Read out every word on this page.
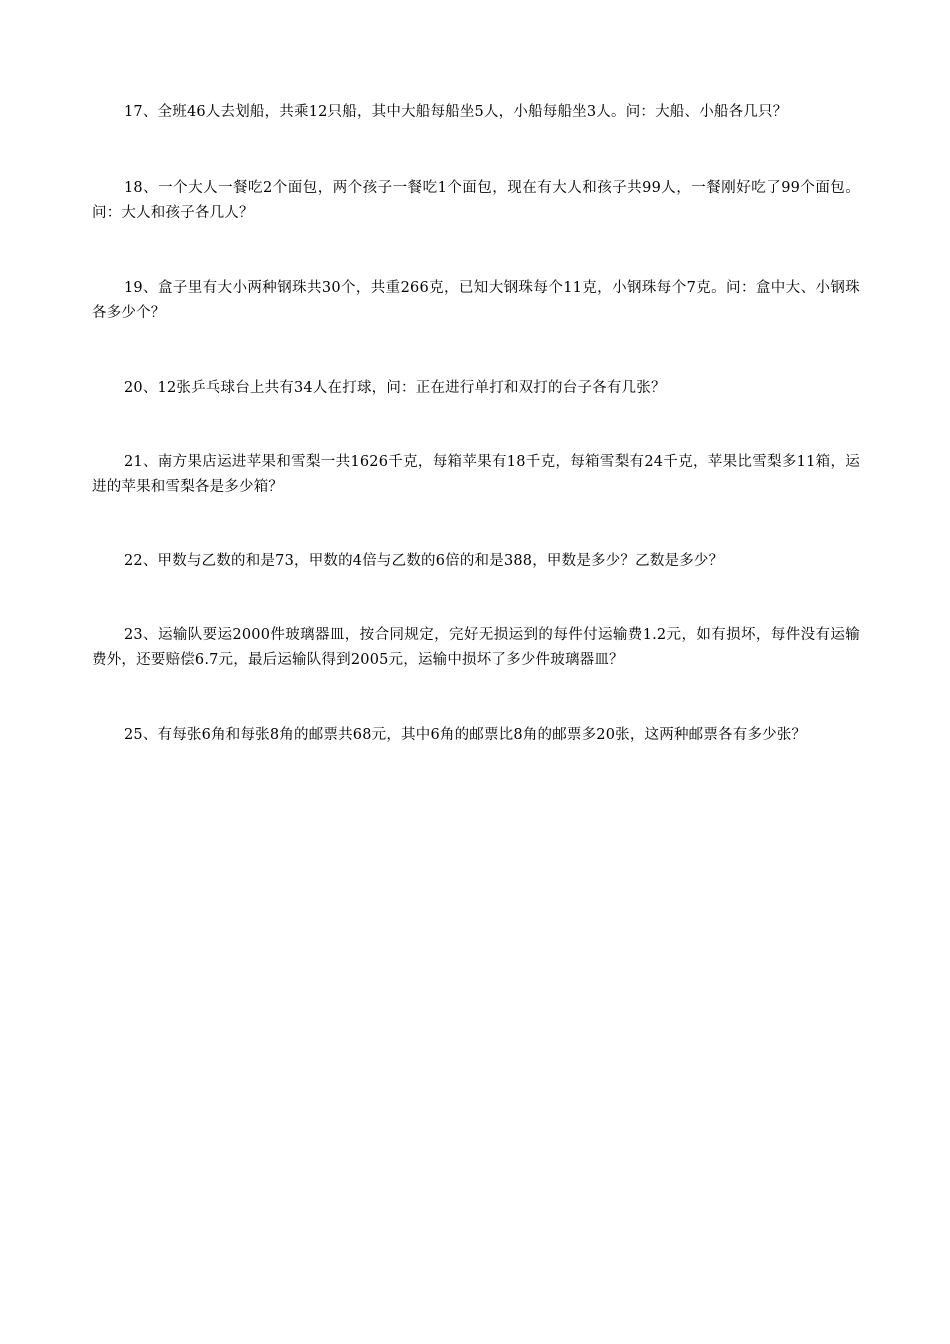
17、全班46人去划船，共乘12只船，其中大船每船坐5人，小船每船坐3人。问：大船、小船各几只？

18、一个大人一餐吃2个面包，两个孩子一餐吃1个面包，现在有大人和孩子共99人，一餐刚好吃了99个面包。问：大人和孩子各几人？

19、盒子里有大小两种钢珠共30个，共重266克，已知大钢珠每个11克，小钢珠每个7克。问：盒中大、小钢珠各多少个？

20、12张乒乓球台上共有34人在打球，问：正在进行单打和双打的台子各有几张？

21、南方果店运进苹果和雪梨一共1626千克，每箱苹果有18千克，每箱雪梨有24千克，苹果比雪梨多11箱，运进的苹果和雪梨各是多少箱？

22、甲数与乙数的和是73，甲数的4倍与乙数的6倍的和是388，甲数是多少？乙数是多少？

23、运输队要运2000件玻璃器皿，按合同规定，完好无损运到的每件付运输费1.2元，如有损坏，每件没有运输费外，还要赔偿6.7元，最后运输队得到2005元，运输中损坏了多少件玻璃器皿？

25、有每张6角和每张8角的邮票共68元，其中6角的邮票比8角的邮票多20张，这两种邮票各有多少张？
